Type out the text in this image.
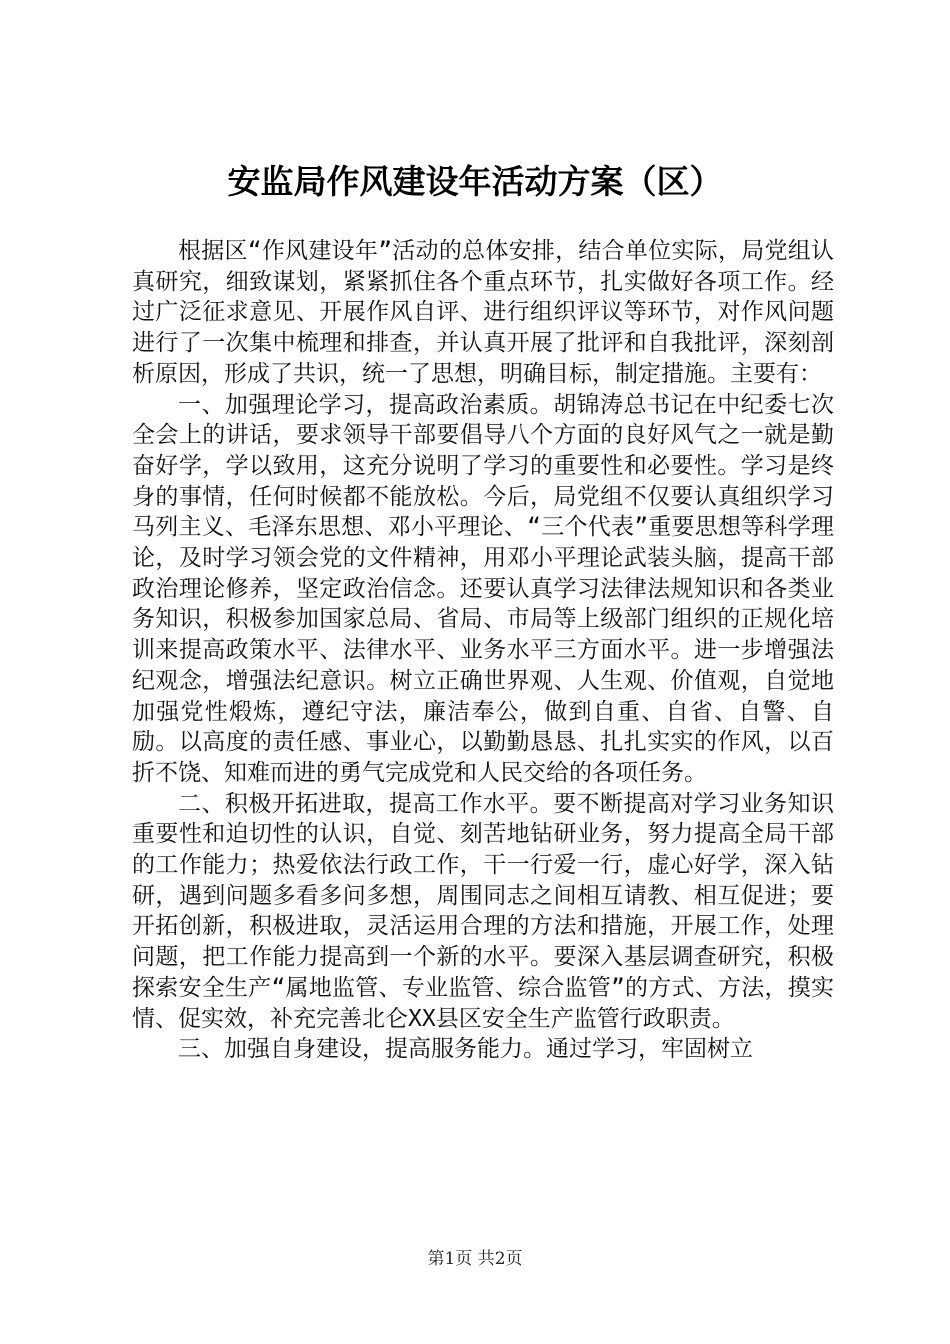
安监局作风建设年活动方案（区）

根据区“作风建设年”活动的总体安排，结合单位实际，局党组认真研究，细致谋划，紧紧抓住各个重点环节，扎实做好各项工作。经过广泛征求意见、开展作风自评、进行组织评议等环节，对作风问题进行了一次集中梳理和排查，并认真开展了批评和自我批评，深刻剖析原因，形成了共识，统一了思想，明确目标，制定措施。主要有：

一、加强理论学习，提高政治素质。胡锦涛总书记在中纪委七次全会上的讲话，要求领导干部要倡导八个方面的良好风气之一就是勤奋好学，学以致用，这充分说明了学习的重要性和必要性。学习是终身的事情，任何时候都不能放松。今后，局党组不仅要认真组织学习马列主义、毛泽东思想、邓小平理论、“三个代表”重要思想等科学理论，及时学习领会党的文件精神，用邓小平理论武装头脑，提高干部政治理论修养，坚定政治信念。还要认真学习法律法规知识和各类业务知识，积极参加国家总局、省局、市局等上级部门组织的正规化培训来提高政策水平、法律水平、业务水平三方面水平。进一步增强法纪观念，增强法纪意识。树立正确世界观、人生观、价值观，自觉地加强党性煅炼，遵纪守法，廉洁奉公，做到自重、自省、自警、自励。以高度的责任感、事业心，以勤勤恳恳、扎扎实实的作风，以百折不饶、知难而进的勇气完成党和人民交给的各项任务。

二、积极开拓进取，提高工作水平。要不断提高对学习业务知识重要性和迫切性的认识，自觉、刻苦地钻研业务，努力提高全局干部的工作能力；热爱依法行政工作，干一行爱一行，虚心好学，深入钻研，遇到问题多看多问多想，周围同志之间相互请教、相互促进；要开拓创新，积极进取，灵活运用合理的方法和措施，开展工作，处理问题，把工作能力提高到一个新的水平。要深入基层调查研究，积极探索安全生产“属地监管、专业监管、综合监管”的方式、方法，摸实情、促实效，补充完善北仑XX县区安全生产监管行政职责。

三、加强自身建设，提高服务能力。通过学习，牢固树立

第1页 共2页
